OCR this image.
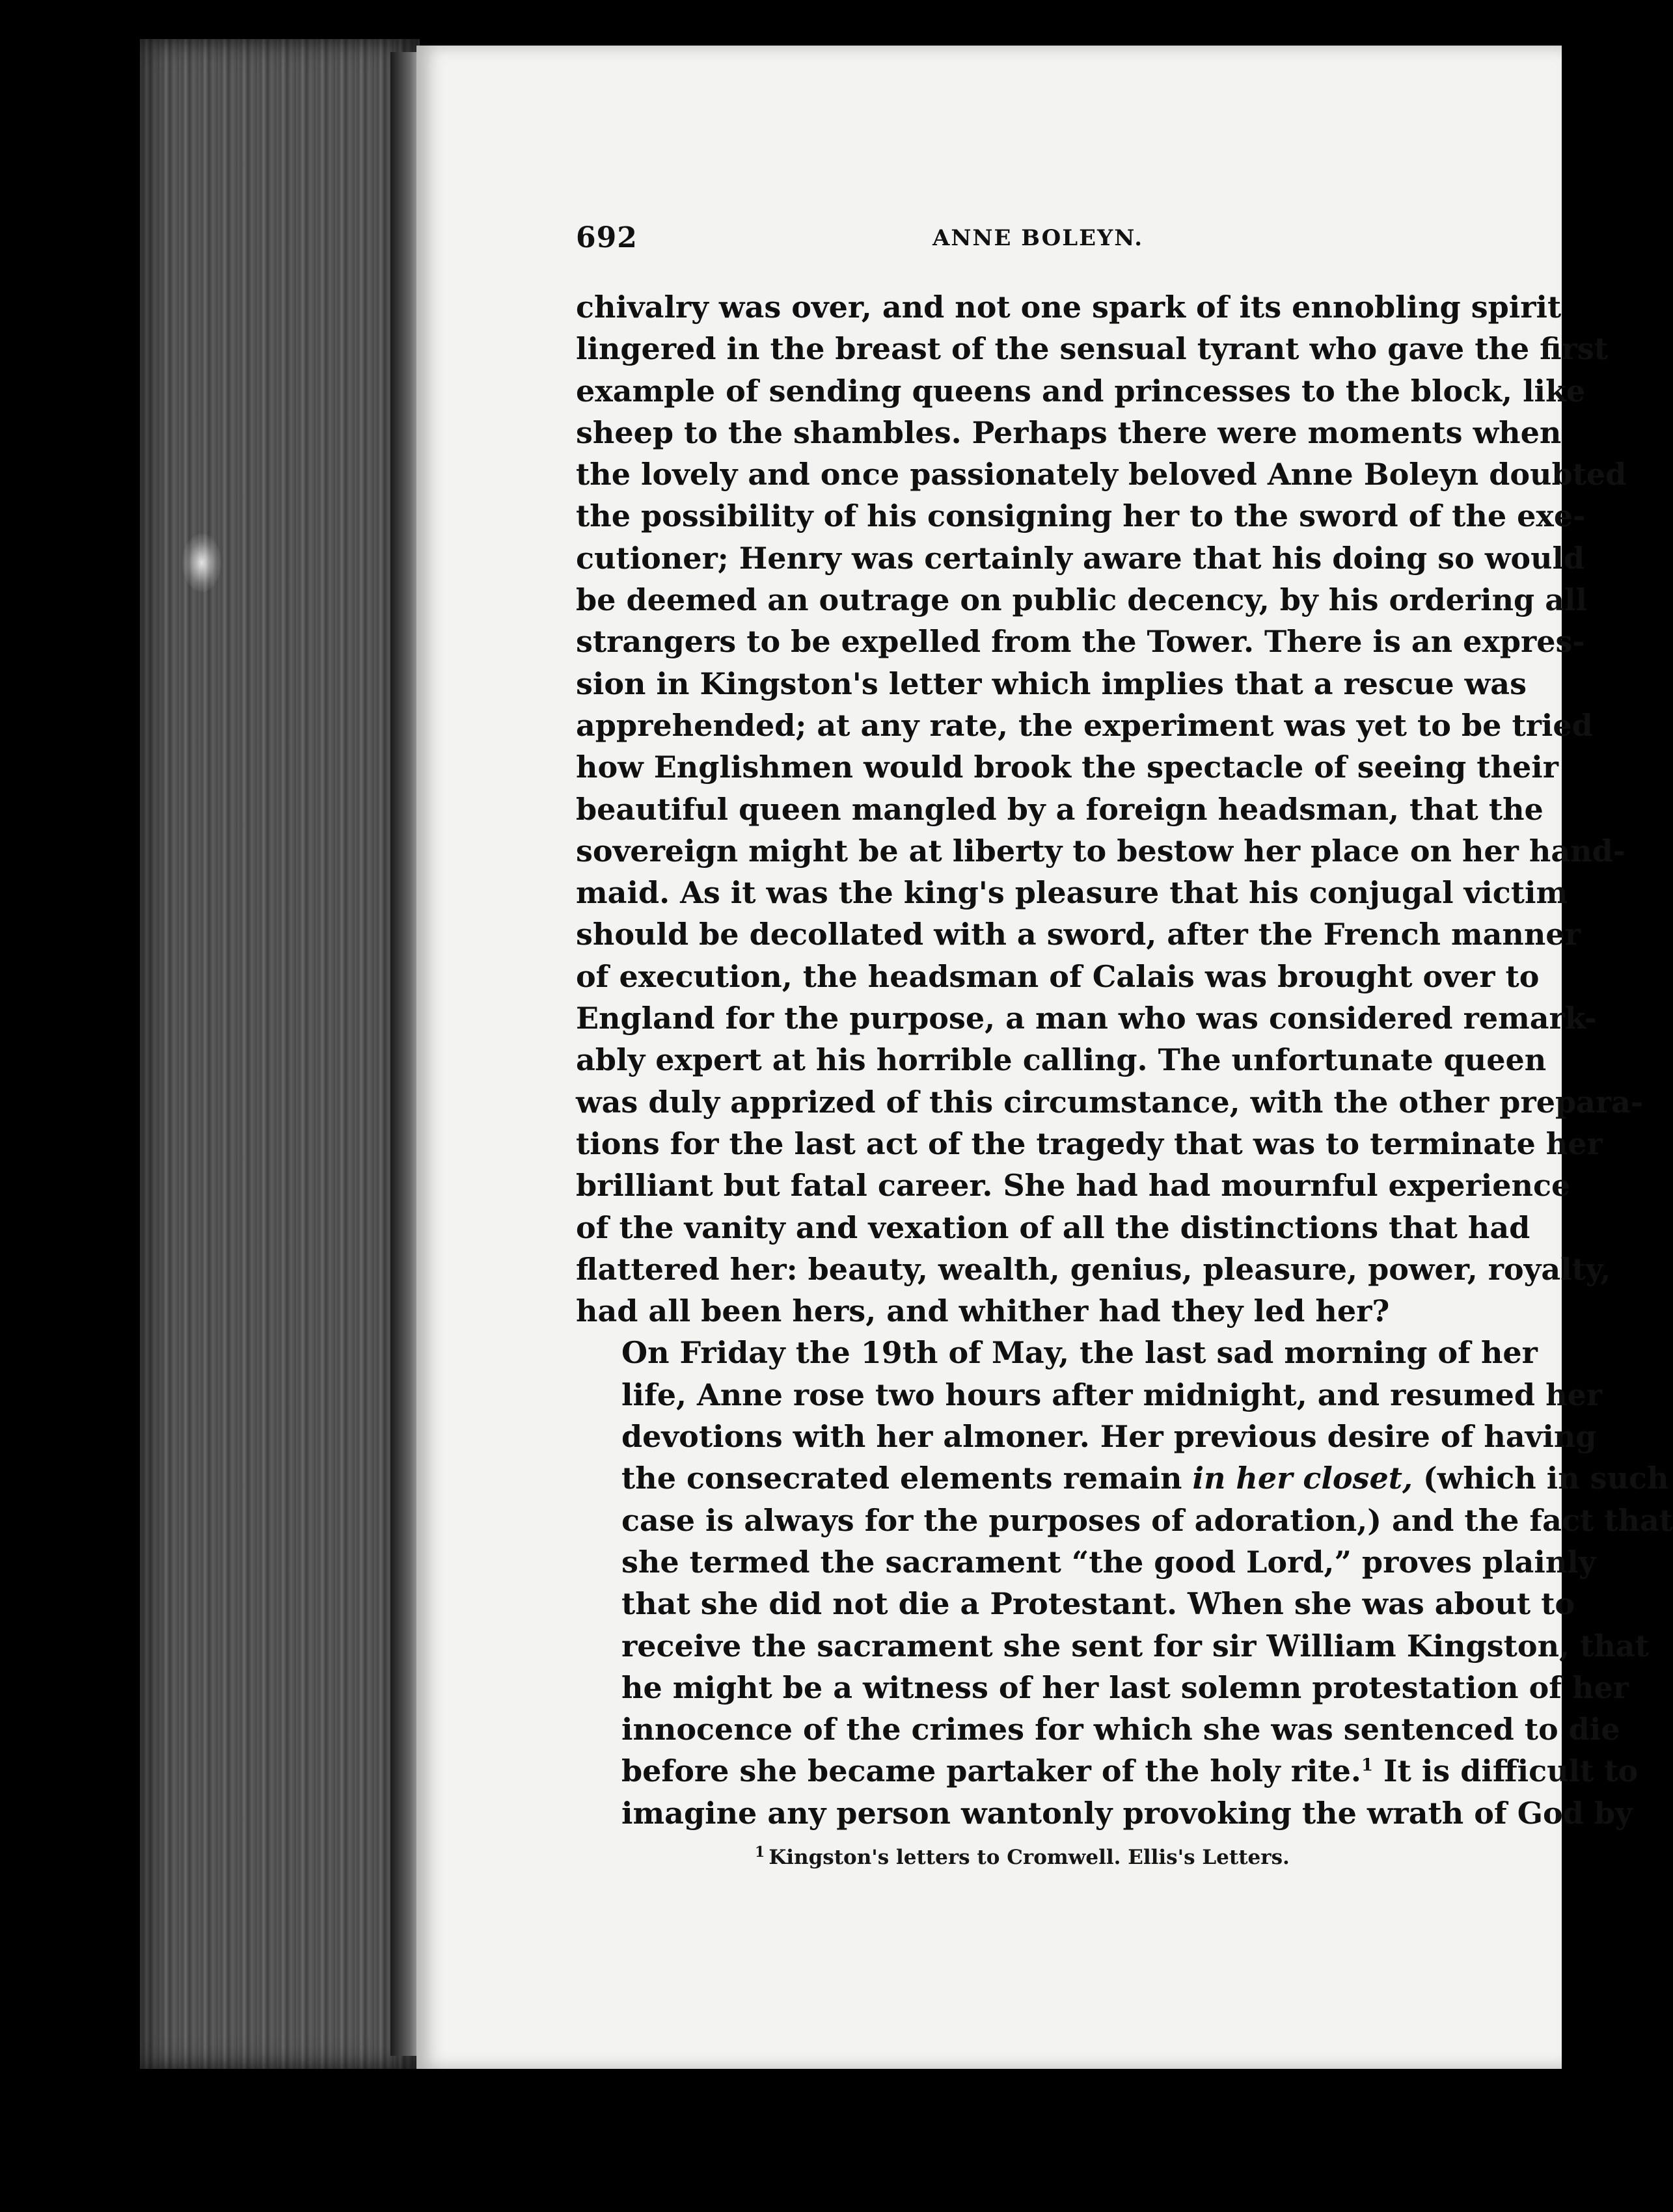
692	ANNE BOLEYN.

chivalry was over, and not one spark of its ennobling spirit
lingered in the breast of the sensual tyrant who gave the first
example of sending queens and princesses to the block, like
sheep to the shambles. Perhaps there were moments when
the lovely and once passionately beloved Anne Boleyn doubted
the possibility of his consigning her to the sword of the exe-
cutioner; Henry was certainly aware that his doing so would
be deemed an outrage on public decency, by his ordering all
strangers to be expelled from the Tower. There is an expres-
sion in Kingston's letter which implies that a rescue was
apprehended; at any rate, the experiment was yet to be tried
how Englishmen would brook the spectacle of seeing their
beautiful queen mangled by a foreign headsman, that the
sovereign might be at liberty to bestow her place on her hand-
maid. As it was the king's pleasure that his conjugal victim
should be decollated with a sword, after the French manner
of execution, the headsman of Calais was brought over to
England for the purpose, a man who was considered remark-
ably expert at his horrible calling. The unfortunate queen
was duly apprized of this circumstance, with the other prepara-
tions for the last act of the tragedy that was to terminate her
brilliant but fatal career. She had had mournful experience
of the vanity and vexation of all the distinctions that had
flattered her: beauty, wealth, genius, pleasure, power, royalty,
had all been hers, and whither had they led her?

On Friday the 19th of May, the last sad morning of her
life, Anne rose two hours after midnight, and resumed her
devotions with her almoner. Her previous desire of having
the consecrated elements remain in her closet, (which in such
case is always for the purposes of adoration,) and the fact that
she termed the sacrament “the good Lord,” proves plainly
that she did not die a Protestant. When she was about to
receive the sacrament she sent for sir William Kingston, that
he might be a witness of her last solemn protestation of her
innocence of the crimes for which she was sentenced to die
before she became partaker of the holy rite.$^1$ It is difficult to
imagine any person wantonly provoking the wrath of God by

$^1$ Kingston's letters to Cromwell. Ellis's Letters.
